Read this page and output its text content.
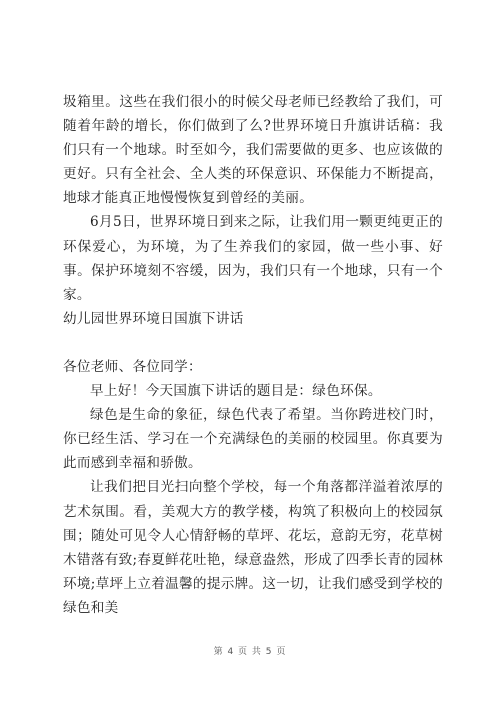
圾箱里。这些在我们很小的时候父母老师已经教给了我们，可随着年龄的增长，你们做到了么?世界环境日升旗讲话稿：我们只有一个地球。时至如今，我们需要做的更多、也应该做的更好。只有全社会、全人类的环保意识、环保能力不断提高，地球才能真正地慢慢恢复到曾经的美丽。

6月5日，世界环境日到来之际，让我们用一颗更纯更正的环保爱心，为环境，为了生养我们的家园，做一些小事、好事。保护环境刻不容缓，因为，我们只有一个地球，只有一个家。

幼儿园世界环境日国旗下讲话

各位老师、各位同学：

早上好！今天国旗下讲话的题目是：绿色环保。

绿色是生命的象征，绿色代表了希望。当你跨进校门时，你已经生活、学习在一个充满绿色的美丽的校园里。你真要为此而感到幸福和骄傲。

让我们把目光扫向整个学校，每一个角落都洋溢着浓厚的艺术氛围。看，美观大方的教学楼，构筑了积极向上的校园氛围；随处可见令人心情舒畅的草坪、花坛，意韵无穷，花草树木错落有致;春夏鲜花吐艳，绿意盎然，形成了四季长青的园林环境;草坪上立着温馨的提示牌。这一切，让我们感受到学校的绿色和美

第 4 页 共 5 页
